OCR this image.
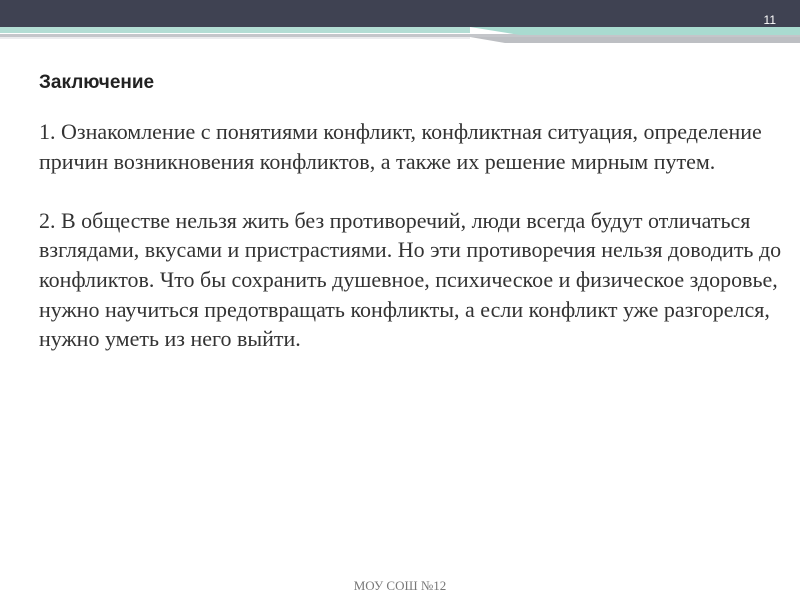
11
Заключение

1. Ознакомление с понятиями конфликт, конфликтная ситуация, определение причин возникновения конфликтов, а также их решение мирным путем.

2. В обществе нельзя жить без противоречий, люди всегда будут отличаться взглядами, вкусами и пристрастиями. Но эти противоречия нельзя доводить до конфликтов. Что бы сохранить душевное, психическое и физическое здоровье, нужно научиться предотвращать конфликты, а если конфликт уже разгорелся, нужно уметь из него выйти.

МОУ СОШ №12
